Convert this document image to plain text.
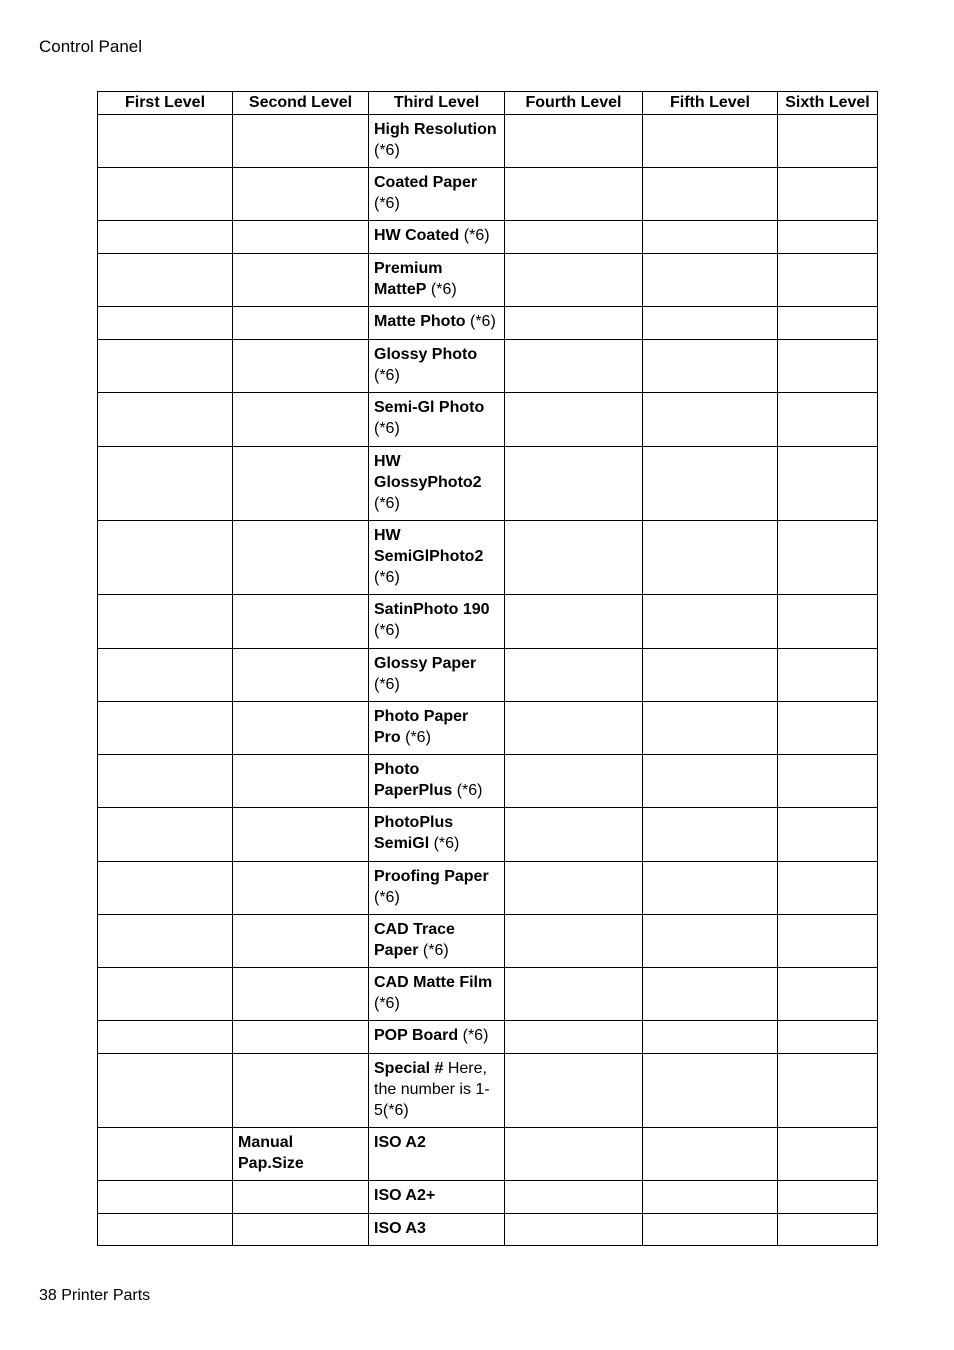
Control Panel
First Level	Second Level	Third Level	Fourth Level	Fifth Level	Sixth Level
		High Resolution (*6)			
		Coated Paper (*6)			
		HW Coated (*6)			
		Premium MatteP (*6)			
		Matte Photo (*6)			
		Glossy Photo (*6)			
		Semi-Gl Photo (*6)			
		HW GlossyPhoto2 (*6)			
		HW SemiGlPhoto2 (*6)			
		SatinPhoto 190 (*6)			
		Glossy Paper (*6)			
		Photo Paper Pro (*6)			
		Photo PaperPlus (*6)			
		PhotoPlus SemiGl (*6)			
		Proofing Paper (*6)			
		CAD Trace Paper (*6)			
		CAD Matte Film (*6)			
		POP Board (*6)			
		Special # Here, the number is 1-5(*6)			
	Manual Pap.Size	ISO A2			
		ISO A2+			
		ISO A3			
38 Printer Parts
